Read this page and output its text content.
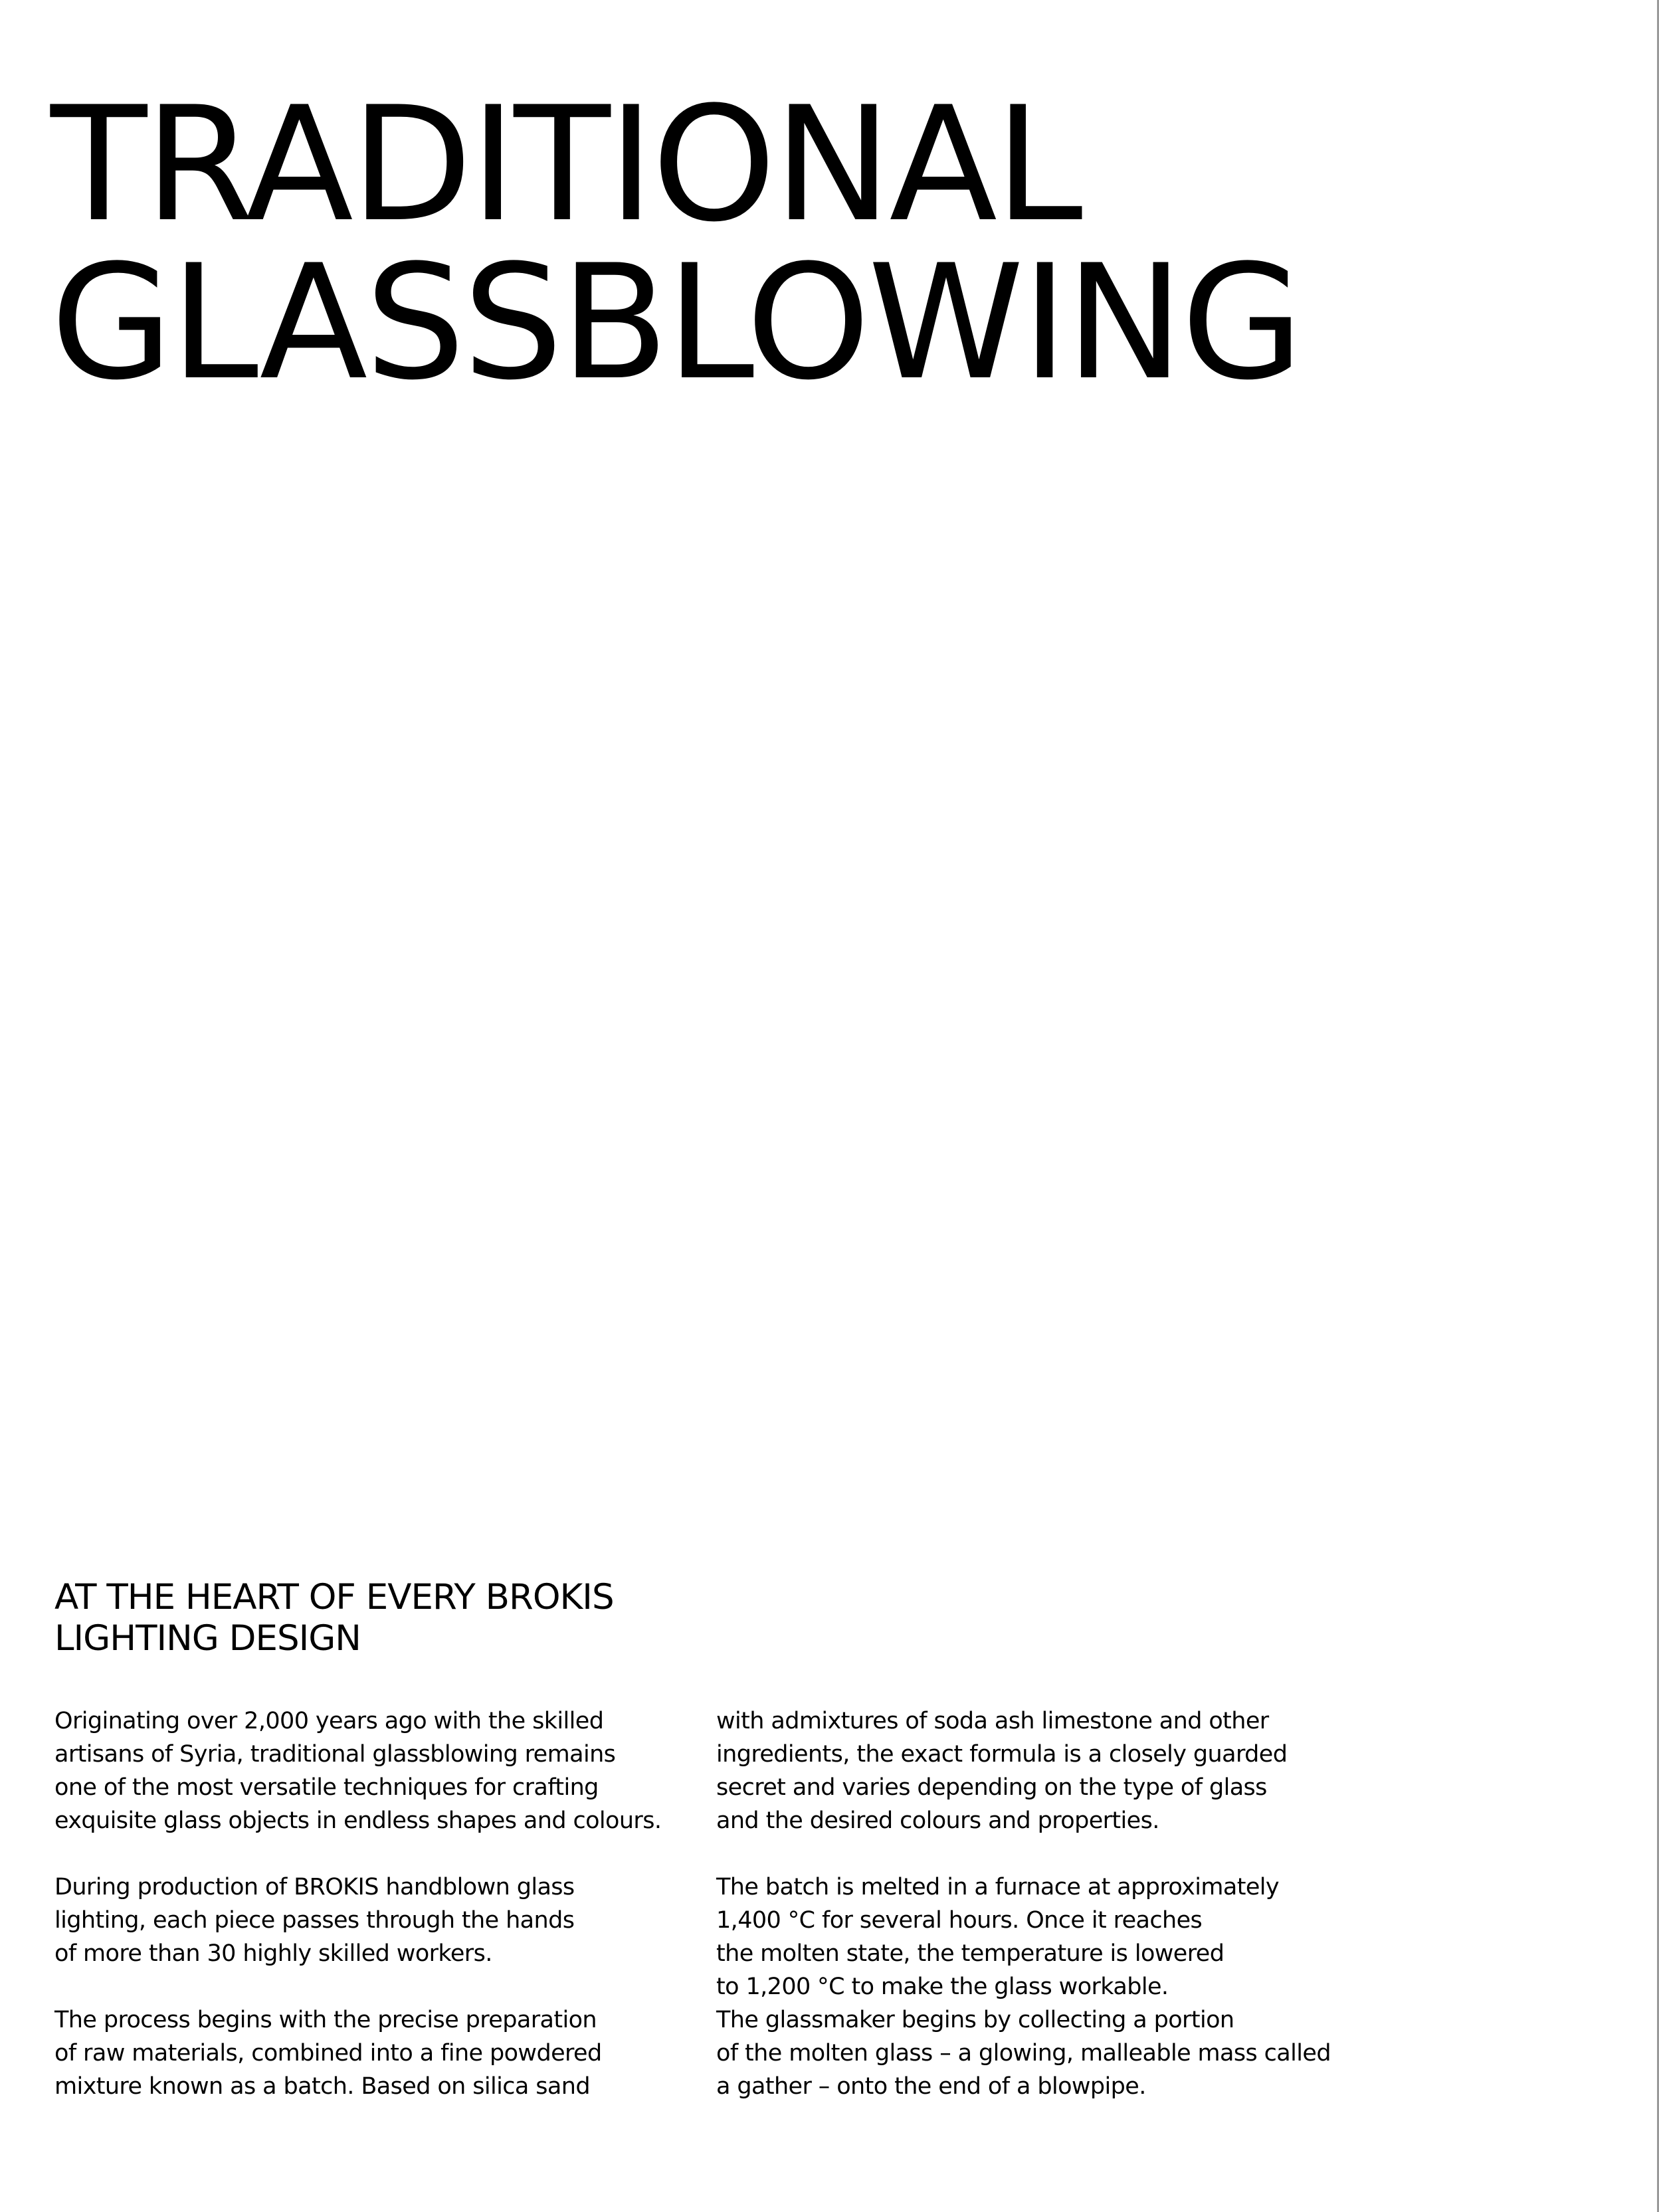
TRADITIONAL
GLASSBLOWING
AT THE HEART OF EVERY BROKIS
LIGHTING DESIGN

Originating over 2,000 years ago with the skilled
artisans of Syria, traditional glassblowing remains
one of the most versatile techniques for crafting
exquisite glass objects in endless shapes and colours.

During production of BROKIS handblown glass
lighting, each piece passes through the hands
of more than 30 highly skilled workers.

The process begins with the precise preparation
of raw materials, combined into a fine powdered
mixture known as a batch. Based on silica sand

with admixtures of soda ash limestone and other
ingredients, the exact formula is a closely guarded
secret and varies depending on the type of glass
and the desired colours and properties.

The batch is melted in a furnace at approximately
1,400 °C for several hours. Once it reaches
the molten state, the temperature is lowered
to 1,200 °C to make the glass workable.
The glassmaker begins by collecting a portion
of the molten glass – a glowing, malleable mass called
a gather – onto the end of a blowpipe.
